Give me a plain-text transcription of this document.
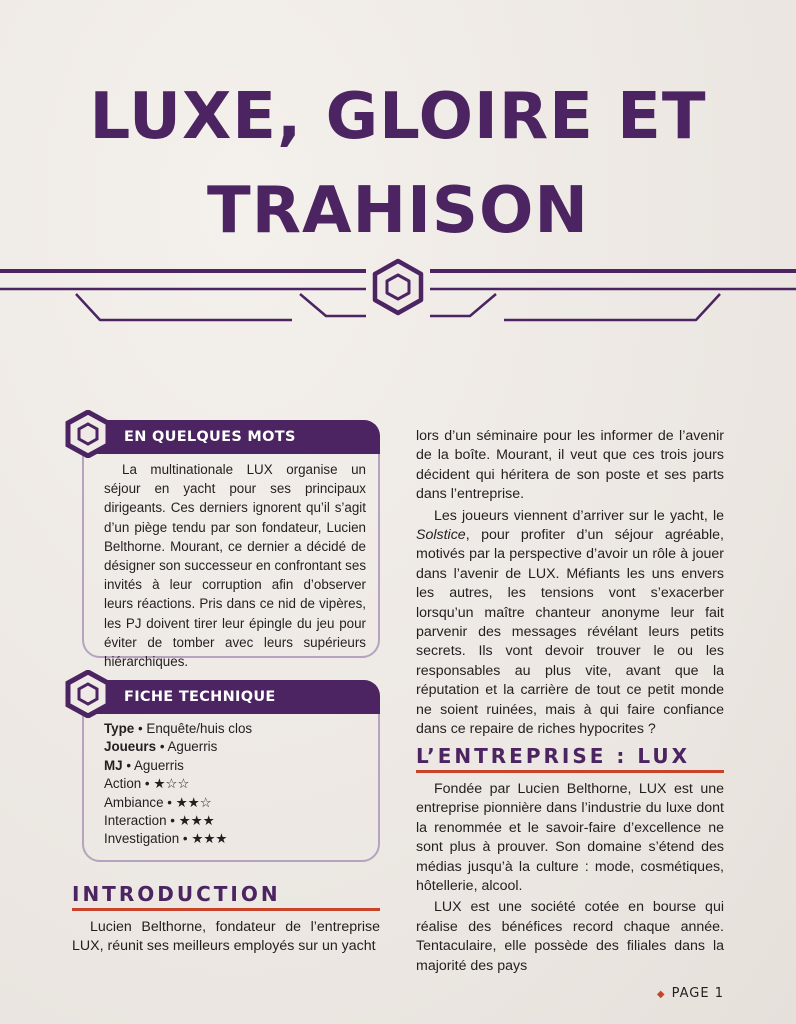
LUXE, GLOIRE ET
TRAHISON
EN QUELQUES MOTS

La multinationale LUX organise un séjour en yacht pour ses principaux dirigeants. Ces derniers ignorent qu’il s’agit d’un piège tendu par son fondateur, Lucien Belthorne. Mourant, ce dernier a décidé de désigner son successeur en confrontant ses invités à leur corruption afin d’observer leurs réactions. Pris dans ce nid de vipères, les PJ doivent tirer leur épingle du jeu pour éviter de tomber avec leurs supérieurs hiérarchiques.

FICHE TECHNIQUE
Type • Enquête/huis clos
Joueurs • Aguerris
MJ • Aguerris
Action • ★☆☆
Ambiance • ★★☆
Interaction • ★★★
Investigation • ★★★
INTRODUCTION

Lucien Belthorne, fondateur de l’entreprise LUX, réunit ses meilleurs employés sur un yacht

lors d’un séminaire pour les informer de l’avenir de la boîte. Mourant, il veut que ces trois jours décident qui héritera de son poste et ses parts dans l’entreprise.

Les joueurs viennent d’arriver sur le yacht, le Solstice, pour profiter d’un séjour agréable, motivés par la perspective d’avoir un rôle à jouer dans l’avenir de LUX. Méfiants les uns envers les autres, les tensions vont s’exacerber lorsqu’un maître chanteur anonyme leur fait parvenir des messages révélant leurs petits secrets. Ils vont devoir trouver le ou les responsables au plus vite, avant que la réputation et la carrière de tout ce petit monde ne soient ruinées, mais à qui faire confiance dans ce repaire de riches hypocrites ?

L’ENTREPRISE : LUX

Fondée par Lucien Belthorne, LUX est une entreprise pionnière dans l’industrie du luxe dont la renommée et le savoir-faire d’excellence ne sont plus à prouver. Son domaine s’étend des médias jusqu’à la culture : mode, cosmétiques, hôtellerie, alcool.

LUX est une société cotée en bourse qui réalise des bénéfices record chaque année. Tentaculaire, elle possède des filiales dans la majorité des pays

◆ PAGE 1
